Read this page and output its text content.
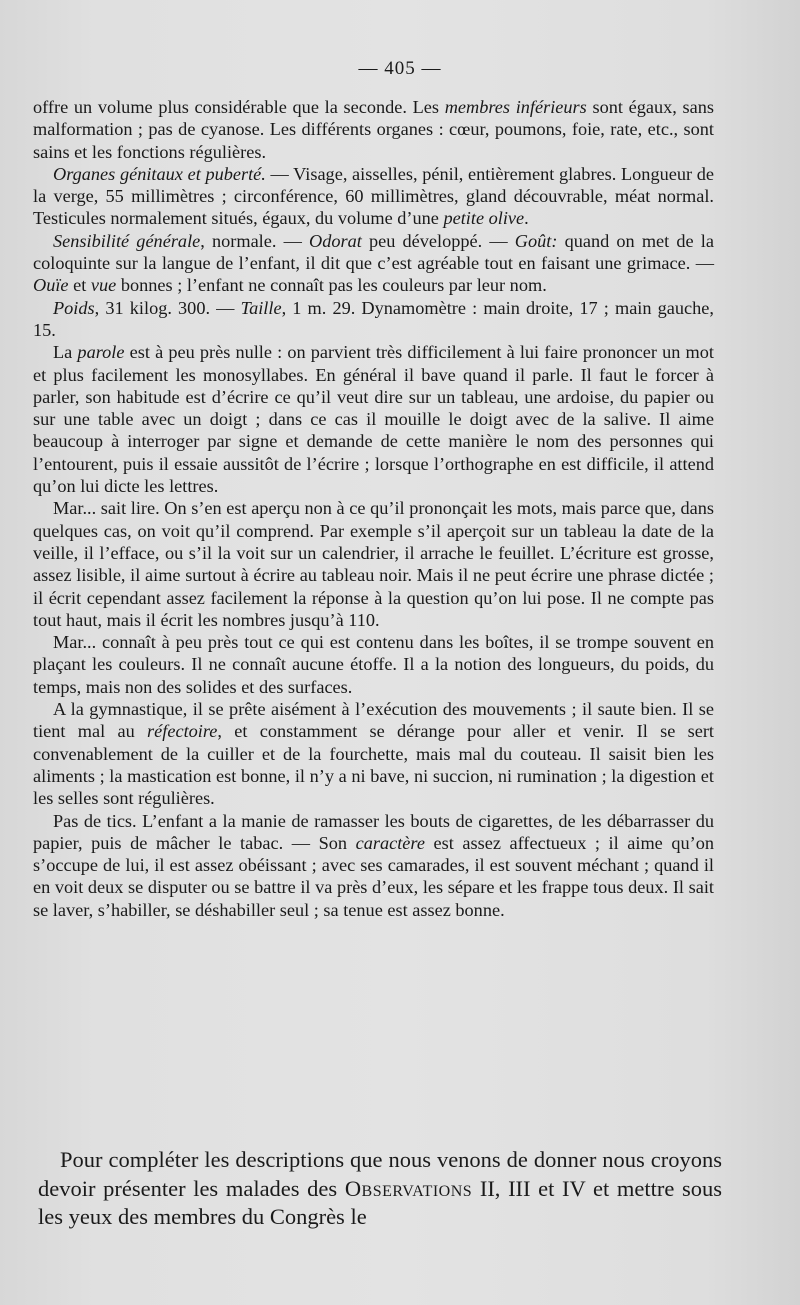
— 405 —

offre un volume plus considérable que la seconde. Les membres inférieurs sont égaux, sans malformation ; pas de cyanose. Les différents organes : cœur, poumons, foie, rate, etc., sont sains et les fonctions régulières.

Organes génitaux et puberté. — Visage, aisselles, pénil, entièrement glabres. Longueur de la verge, 55 millimètres ; circonférence, 60 millimètres, gland découvrable, méat normal. Testicules normalement situés, égaux, du volume d’une petite olive.

Sensibilité générale, normale. — Odorat peu développé. — Goût: quand on met de la coloquinte sur la langue de l’enfant, il dit que c’est agréable tout en faisant une grimace. — Ouïe et vue bonnes ; l’enfant ne connaît pas les couleurs par leur nom.

Poids, 31 kilog. 300. — Taille, 1 m. 29. Dynamomètre : main droite, 17 ; main gauche, 15.

La parole est à peu près nulle : on parvient très difficilement à lui faire prononcer un mot et plus facilement les monosyllabes. En général il bave quand il parle. Il faut le forcer à parler, son habitude est d’écrire ce qu’il veut dire sur un tableau, une ardoise, du papier ou sur une table avec un doigt ; dans ce cas il mouille le doigt avec de la salive. Il aime beaucoup à interroger par signe et demande de cette manière le nom des personnes qui l’entourent, puis il essaie aussitôt de l’écrire ; lorsque l’orthographe en est difficile, il attend qu’on lui dicte les lettres.

Mar... sait lire. On s’en est aperçu non à ce qu’il prononçait les mots, mais parce que, dans quelques cas, on voit qu’il comprend. Par exemple s’il aperçoit sur un tableau la date de la veille, il l’efface, ou s’il la voit sur un calendrier, il arrache le feuillet. L’écriture est grosse, assez lisible, il aime surtout à écrire au tableau noir. Mais il ne peut écrire une phrase dictée ; il écrit cependant assez facilement la réponse à la question qu’on lui pose. Il ne compte pas tout haut, mais il écrit les nombres jusqu’à 110.

Mar... connaît à peu près tout ce qui est contenu dans les boîtes, il se trompe souvent en plaçant les couleurs. Il ne connaît aucune étoffe. Il a la notion des longueurs, du poids, du temps, mais non des solides et des surfaces.

A la gymnastique, il se prête aisément à l’exécution des mouvements ; il saute bien. Il se tient mal au réfectoire, et constamment se dérange pour aller et venir. Il se sert convenablement de la cuiller et de la fourchette, mais mal du couteau. Il saisit bien les aliments ; la mastication est bonne, il n’y a ni bave, ni succion, ni rumination ; la digestion et les selles sont régulières.

Pas de tics. L’enfant a la manie de ramasser les bouts de cigarettes, de les débarrasser du papier, puis de mâcher le tabac. — Son caractère est assez affectueux ; il aime qu’on s’occupe de lui, il est assez obéissant ; avec ses camarades, il est souvent méchant ; quand il en voit deux se disputer ou se battre il va près d’eux, les sépare et les frappe tous deux. Il sait se laver, s’habiller, se déshabiller seul ; sa tenue est assez bonne.

Pour compléter les descriptions que nous venons de donner nous croyons devoir présenter les malades des Observations II, III et IV et mettre sous les yeux des membres du Congrès le
